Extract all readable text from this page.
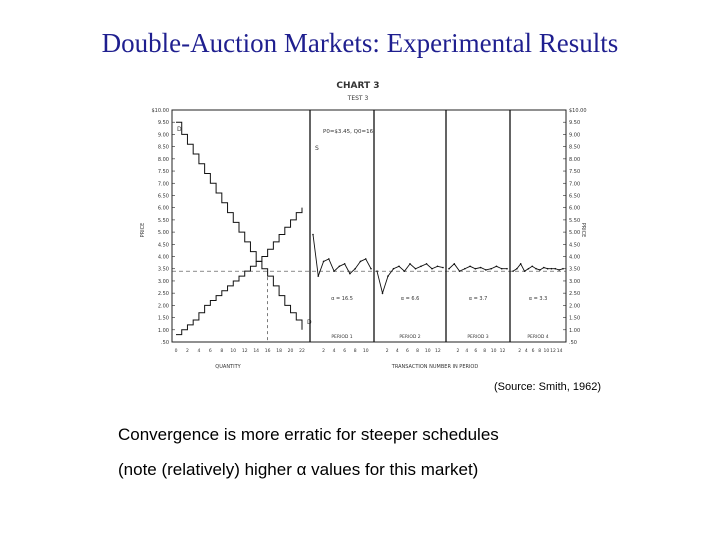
Double-Auction Markets: Experimental Results
CHART 3
TEST 3
PRICE	PRICE
P0=$3.45, Q0=16
QUANTITY	TRANSACTION NUMBER IN PERIOD
D
S
D
$10.00
9.50
9.00
8.50
8.00
7.50
7.00
6.50
6.00
5.50
5.00
4.50
4.00
3.50
3.00
2.50
2.00
1.50
1.00
.50
$10.00
9.50
9.00
8.50
8.00
7.50
7.00
6.50
6.00
5.50
5.00
4.50
4.00
3.50
3.00
2.50
2.00
1.50
1.00
.50
0 2 4 6 8 10 12 14 16 18 20 22
α = 16.5
PERIOD 1
2 4 6 8 10
α = 6.6
PERIOD 2
2 4 6 8 10 12
α = 3.7
PERIOD 3
2 4 6 8 10 12
α = 3.3
PERIOD 4
2 4 6 8 10 12 14
(Source: Smith, 1962)
Convergence is more erratic for steeper schedules
(note (relatively) higher α values for this market)
